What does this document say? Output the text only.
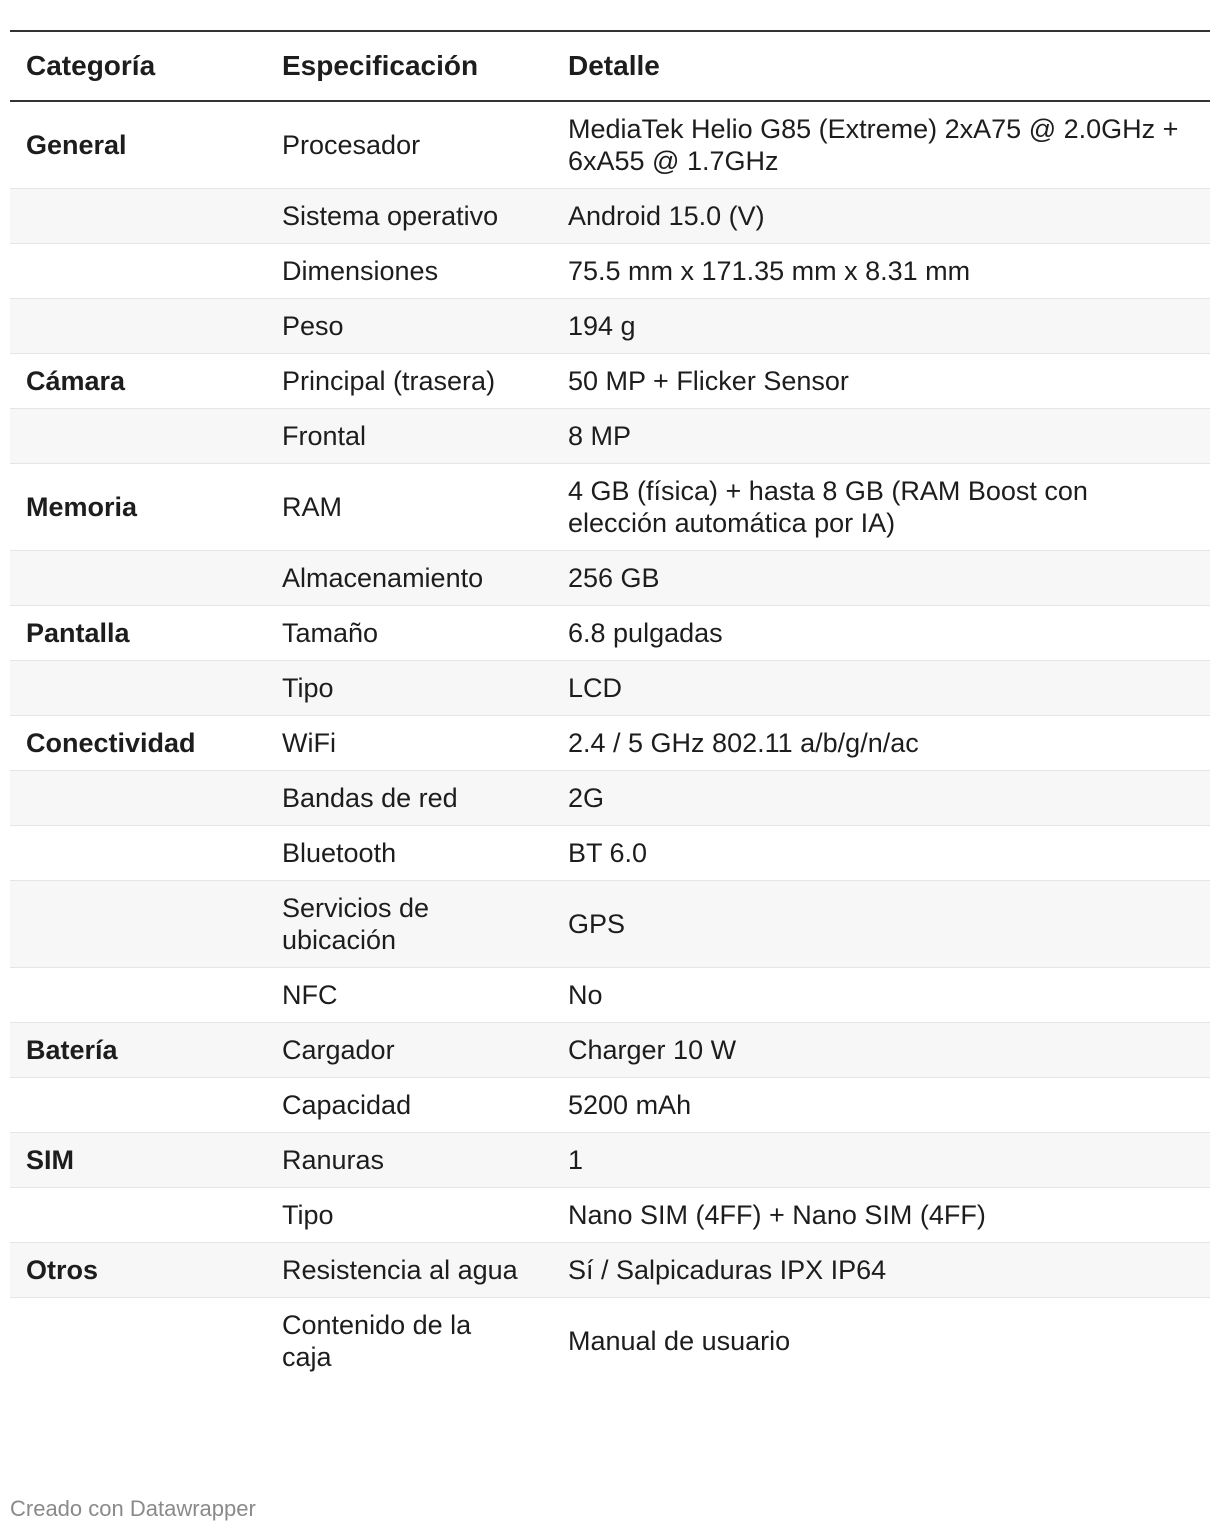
Categoría	Especificación	Detalle
General	Procesador	MediaTek Helio G85 (Extreme) 2xA75 @ 2.0GHz + 6xA55 @ 1.7GHz
	Sistema operativo	Android 15.0 (V)
	Dimensiones	75.5 mm x 171.35 mm x 8.31 mm
	Peso	194 g
Cámara	Principal (trasera)	50 MP + Flicker Sensor
	Frontal	8 MP
Memoria	RAM	4 GB (física) + hasta 8 GB (RAM Boost con elección automática por IA)
	Almacenamiento	256 GB
Pantalla	Tamaño	6.8 pulgadas
	Tipo	LCD
Conectividad	WiFi	2.4 / 5 GHz 802.11 a/b/g/n/ac
	Bandas de red	2G
	Bluetooth	BT 6.0
	Servicios de ubicación	GPS
	NFC	No
Batería	Cargador	Charger 10 W
	Capacidad	5200 mAh
SIM	Ranuras	1
	Tipo	Nano SIM (4FF) + Nano SIM (4FF)
Otros	Resistencia al agua	Sí / Salpicaduras IPX IP64
	Contenido de la caja	Manual de usuario
Creado con Datawrapper
